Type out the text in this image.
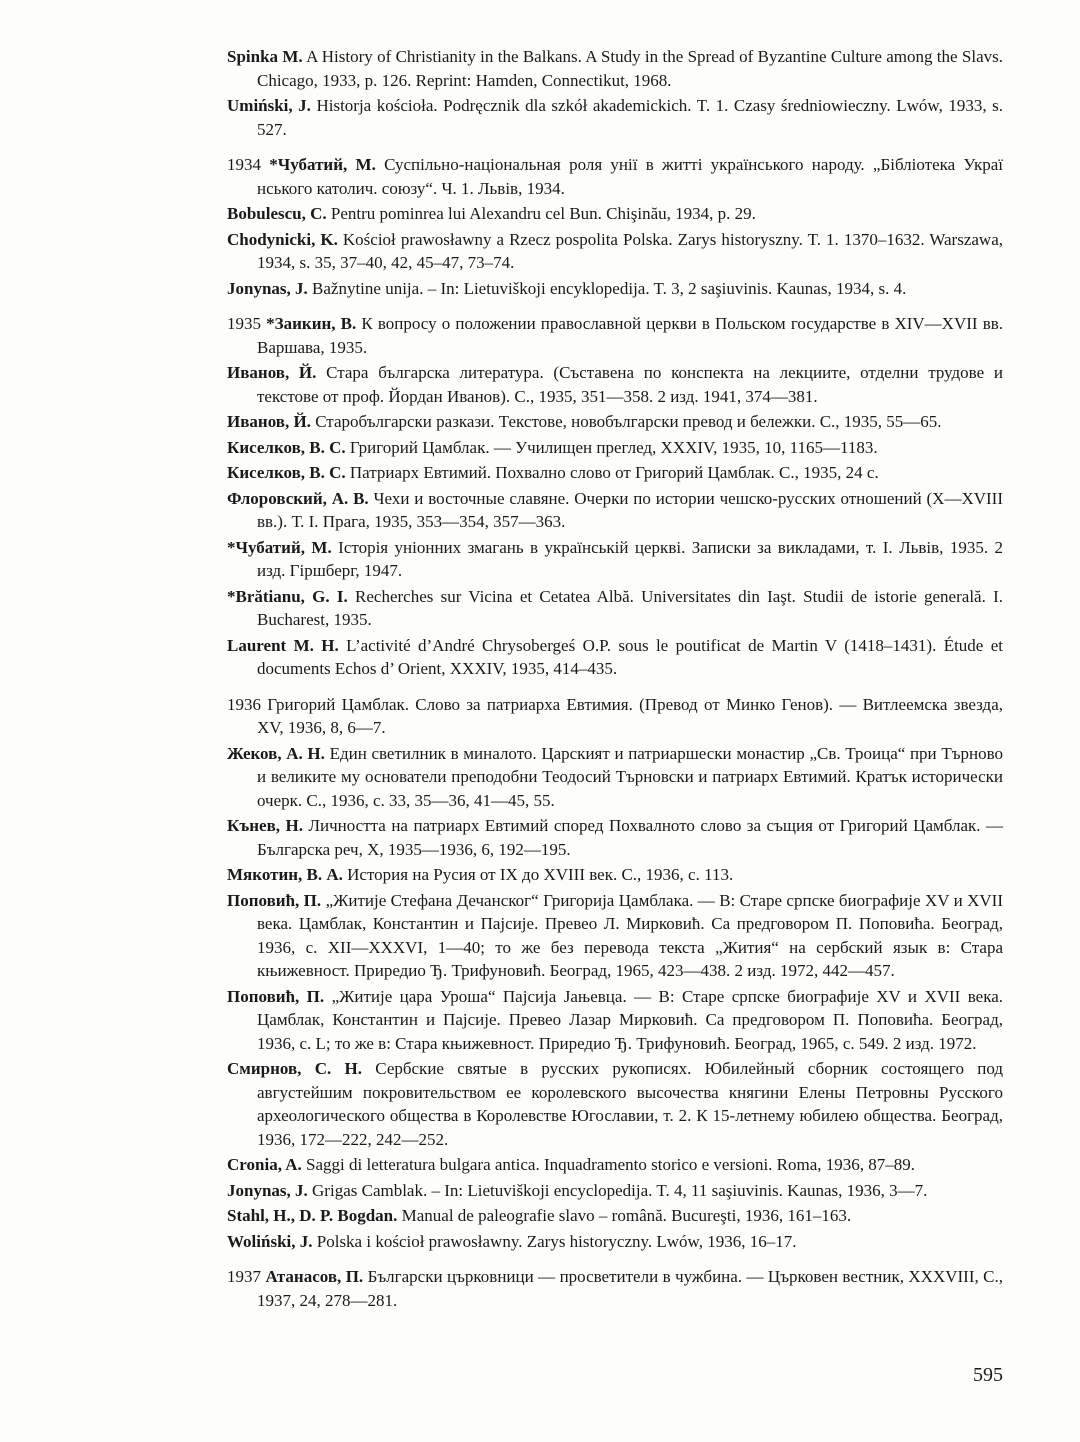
Spinka M. A History of Christianity in the Balkans. A Study in the Spread of Byzantine Culture among the Slavs. Chicago, 1933, p. 126. Reprint: Hamden, Connectikut, 1968.

Umiński, J. Historja kościoła. Podręcznik dla szkół akademickich. T. 1. Czasy średniowieczny. Lwów, 1933, s. 527.

1934 *Чубатий, М. Суспільно-національная роля унії в житті українського народу. „Бібліотека Украї нського католич. союзу“. Ч. 1. Львів, 1934.

Bobulescu, C. Pentru pominrea lui Alexandru cel Bun. Chişinău, 1934, p. 29.

Chodynicki, K. Kościoł prawosławny a Rzecz pospolita Polska. Zarys historyszny. T. 1. 1370–1632. Warszawa, 1934, s. 35, 37–40, 42, 45–47, 73–74.

Jonynas, J. Bažnytine unija. – In: Lietuviškoji encyklopedija. T. 3, 2 saşiuvinis. Kaunas, 1934, s. 4.

1935 *Заикин, В. К вопросу о положении православной церкви в Польском государстве в XIV—XVII вв. Варшава, 1935.

Иванов, Й. Стара българска литература. (Съставена по конспекта на лекциите, отделни трудове и текстове от проф. Йордан Иванов). С., 1935, 351—358. 2 изд. 1941, 374—381.

Иванов, Й. Старобългарски разкази. Текстове, новобългарски превод и бележки. С., 1935, 55—65.

Киселков, В. С. Григорий Цамблак. — Училищен преглед, XXXIV, 1935, 10, 1165—1183.

Киселков, В. С. Патриарх Евтимий. Похвално слово от Григорий Цамблак. С., 1935, 24 с.

Флоровский, А. В. Чехи и восточные славяне. Очерки по истории чешско-русских отношений (X—XVIII вв.). Т. I. Прага, 1935, 353—354, 357—363.

*Чубатий, М. Історія уніонних змагань в українській церкві. Записки за викладами, т. I. Львів, 1935. 2 изд. Гіршберг, 1947.

*Brătianu, G. I. Recherches sur Vicina et Cetatea Albă. Universitates din Iaşt. Studii de istorie generală. I. Bucharest, 1935.

Laurent M. H. L’activité d’André Chrysobergeś O.P. sous le poutificat de Martin V (1418–1431). Étude et documents Echos d’ Orient, XXXIV, 1935, 414–435.

1936 Григорий Цамблак. Слово за патриарха Евтимия. (Превод от Минко Генов). — Витлеемска звезда, XV, 1936, 8, 6—7.

Жеков, А. Н. Един светилник в миналото. Царският и патриаршески монастир „Св. Троица“ при Търново и великите му основатели преподобни Теодосий Търновски и патриарх Евтимий. Кратък исторически очерк. С., 1936, с. 33, 35—36, 41—45, 55.

Кънев, Н. Личността на патриарх Евтимий според Похвалното слово за същия от Григорий Цамблак. — Българска реч, X, 1935—1936, 6, 192—195.

Мякотин, В. А. История на Русия от IX до XVIII век. С., 1936, с. 113.

Поповић, П. „Житије Стефана Дечанског“ Григорија Цамблака. — В: Старе српске биографије XV и XVII века. Цамблак, Константин и Пајсије. Превео Л. Мирковић. Са предговором П. Поповића. Београд, 1936, с. XII—XXXVI, 1—40; то же без перевода текста „Жития“ на сербский язык в: Стара књижевност. Приредио Ђ. Трифуновић. Београд, 1965, 423—438. 2 изд. 1972, 442—457.

Поповић, П. „Житије цара Уроша“ Пајсија Јањевца. — В: Старе српске биографије XV и XVII века. Цамблак, Константин и Пајсије. Превео Лазар Мирковић. Са предговором П. Поповића. Београд, 1936, с. L; то же в: Стара књижевност. Приредио Ђ. Трифуновић. Београд, 1965, с. 549. 2 изд. 1972.

Смирнов, С. Н. Сербские святые в русских рукописях. Юбилейный сборник состоящего под августейшим покровительством ее королевского высочества княгини Елены Петровны Русского археологического общества в Королевстве Югославии, т. 2. К 15-летнему юбилею общества. Београд, 1936, 172—222, 242—252.

Cronia, A. Saggi di letteratura bulgara antica. Inquadramento storico e versioni. Roma, 1936, 87–89.

Jonynas, J. Grigas Camblak. – In: Lietuviškoji encyclopedija. T. 4, 11 saşiuvinis. Kaunas, 1936, 3—7.

Stahl, H., D. P. Bogdan. Manual de paleografie slavo – română. Bucureşti, 1936, 161–163.

Woliński, J. Polska i kościoł prawosławny. Zarys historyczny. Lwów, 1936, 16–17.

1937 Атанасов, П. Български църковници — просветители в чужбина. — Църковен вестник, XXXVIII, С., 1937, 24, 278—281.

595
